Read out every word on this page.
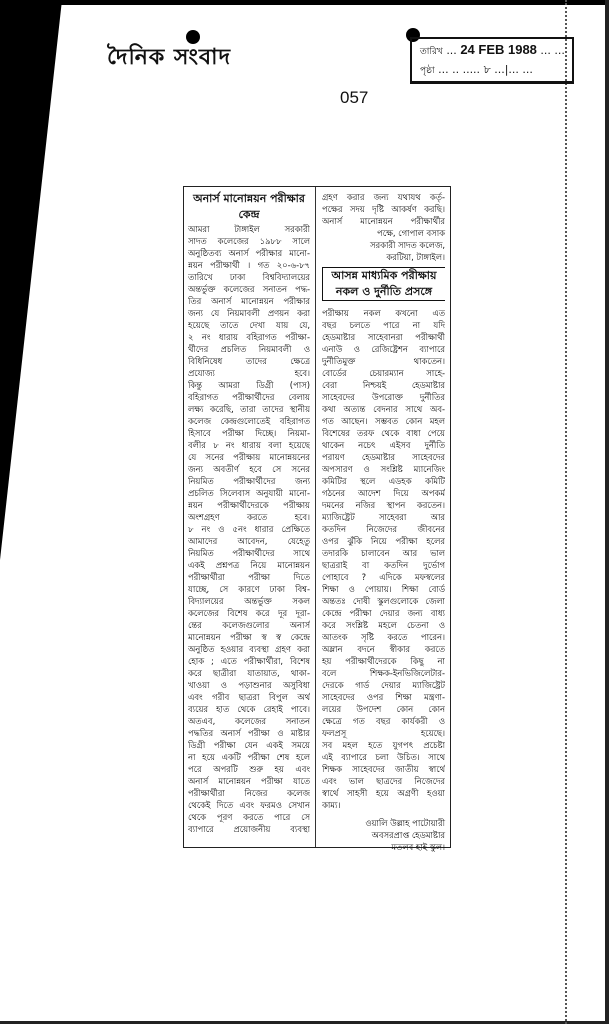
দৈনিক সংবাদ	তারিখ ... 24 FEB 1988 ... ...
পৃষ্ঠা ... .. ..... ৮ ...|... ...
057
অনার্স মানোন্নয়ন পরীক্ষার
কেন্দ্র
আমরা টাঙ্গাইল সরকারী
সাদত কলেজের ১৯৮৮ সালে
অনুষ্ঠিতব্য অনার্স পরীক্ষার মানো-
ন্নয়ন পরীক্ষার্থী । গত ২০-৬-৮৭
তারিখে ঢাকা বিশ্ববিদ্যালয়ের
অন্তর্ভুক্ত কলেজের সনাতন পদ্ধ-
তির অনার্স মানোন্নয়ন পরীক্ষার
জন্য যে নিয়মাবলী প্রণয়ন করা
হয়েছে তাতে দেখা যায় যে,
২ নং ধারায় বহিরাগত পরীক্ষা-
র্থীদের প্রচলিত নিয়মাবলী ও
বিধিনিষেধ তাদের ক্ষেত্রে
প্রযোজ্য হবে।
কিন্তু আমরা ডিগ্রী (পাস)
বহিরাগত পরীক্ষার্থীদের বেলায়
লক্ষ্য করেছি, তারা তাদের স্থানীয়
কলেজ কেন্দ্রগুলোতেই বহিরাগত
হিসাবে পরীক্ষা দিচ্ছে। নিয়মা-
বলীর ৮ নং ধারায় বলা হয়েছে
যে সনের পরীক্ষায় মানোন্নয়নের
জন্য অবতীর্ণ হবে সে সনের
নিয়মিত পরীক্ষার্থীদের জন্য
প্রচলিত সিলেবাস অনুযায়ী মানো-
ন্নয়ন পরীক্ষার্থীদেরকে পরীক্ষায়
অংশগ্রহণ করতে হবে।
৮ নং ও ৫নং ধারার প্রেক্ষিতে
আমাদের আবেদন, যেহেতু
নিয়মিত পরীক্ষার্থীদের সাথে
একই প্রশ্নপত্র নিয়ে মানোন্নয়ন
পরীক্ষার্থীরা পরীক্ষা দিতে
যাচ্ছে, সে কারণে ঢাকা বিশ্ব-
বিদ্যালয়ের অন্তর্ভুক্ত সকল
কলেজের বিশেষ করে দূর দূরা-
ন্তের কলেজগুলোর অনার্স
মানোন্নয়ন পরীক্ষা স্ব স্ব কেন্দ্রে
অনুষ্ঠিত হওয়ার ব্যবস্থা গ্রহণ করা
হোক ; এতে পরীক্ষার্থীরা, বিশেষ
করে ছাত্রীরা যাতায়াত, থাকা-
খাওয়া ও পড়াশুনার অসুবিধা
এবং গরীব ছাত্ররা বিপুল অর্থ
ব্যয়ের হাত থেকে রেহাই পাবে।
অতএব, কলেজের সনাতন
পদ্ধতির অনার্স পরীক্ষা ও মাষ্টার
ডিগ্রী পরীক্ষা যেন একই সময়ে
না হয়ে একটি পরীক্ষা শেষ হলে
পরে অপরটি শুরু হয় এবং
অনার্স মানোন্নয়ন পরীক্ষা যাতে
পরীক্ষার্থীরা নিজের কলেজ
থেকেই দিতে এবং ফরমও সেখান
থেকে পূরণ করতে পারে সে
ব্যাপারে প্রয়োজনীয় ব্যবস্থা
গ্রহণ করার জন্য যথাযথ কর্তৃ-
পক্ষের সদয় দৃষ্টি আকর্ষণ করছি।
অনার্স মানোন্নয়ন পরীক্ষার্থীর
পক্ষে, গোপাল বসাক
সরকারী সাদত কলেজ,
করটিয়া, টাঙ্গাইল।
আসন্ন মাধ্যমিক পরীক্ষায়
নকল ও দুর্নীতি প্রসঙ্গে
পরীক্ষায় নকল কখনো এত
বছর চলতে পারে না যদি
হেডমাষ্টার সাহেবানরা পরীক্ষার্থী
এনাউ ও রেজিষ্ট্রেশন ব্যাপারে
দুর্নীতিমুক্ত থাকতেন।
বোর্ডের চেয়ারম্যান সাহে-
বেরা নিশ্চয়ই হেডমাষ্টার
সাহেবদের উপরোক্ত দুর্নীতির
কথা অত্যন্ত বেদনার সাথে অব-
গত আছেন। সম্ভবত কোন মহল
বিশেষের তরফ থেকে বাধা পেয়ে
থাকেন নচেৎ এইসব দুর্নীতি
পরায়ণ হেডমাষ্টার সাহেবদের
অপসারণ ও সংশ্লিষ্ট ম্যানেজিং
কমিটির স্থলে এডহক কমিটি
গঠনের আদেশ দিয়ে অপকর্ম
দমনের নজির স্থাপন করতেন।
ম্যাজিষ্ট্রেট সাহেবরা আর
কতদিন নিজেদের জীবনের
ওপর ঝুঁকি নিয়ে পরীক্ষা হলের
তদারকি চালাবেন আর ভাল
ছাত্ররাই বা কতদিন দুর্ভোগ
পোহাবে ? এদিকে মফস্বলের
শিক্ষা ও পোয়ায়। শিক্ষা বোর্ড
অন্ততঃ দোষী স্কুলগুলোকে জেলা
কেন্দ্রে পরীক্ষা দেয়ার জন্য বাধ্য
করে সংশ্লিষ্ট মহলে চেতনা ও
আতংক সৃষ্টি করতে পারেন।
অম্লান বদনে স্বীকার করতে
হয় পরীক্ষার্থীদেরকে কিছু না
বলে শিক্ষক-ইনভিজিলেটার-
দেরকে গার্ড দেয়ার ম্যাজিষ্ট্রেট
সাহেবদের ওপর শিক্ষা মন্ত্রণা-
লয়ের উপদেশ কোন কোন
ক্ষেত্রে গত বছর কার্যকরী ও
ফলপ্রসূ হয়েছে।
সব মহল হতে যুগপৎ প্রচেষ্টা
এই ব্যাপারে চলা উচিত। সাথে
শিক্ষক সাহেবদের জাতীয় স্বার্থে
এবং ভাল ছাত্রদের নিজেদের
স্বার্থে সাহসী হয়ে অগ্রণী হওয়া
কাম্য।
ওয়ালি উল্লাহ পাটোয়ারী
অবসরপ্রাপ্ত হেডমাষ্টার
মতলব হাই স্কুল।
